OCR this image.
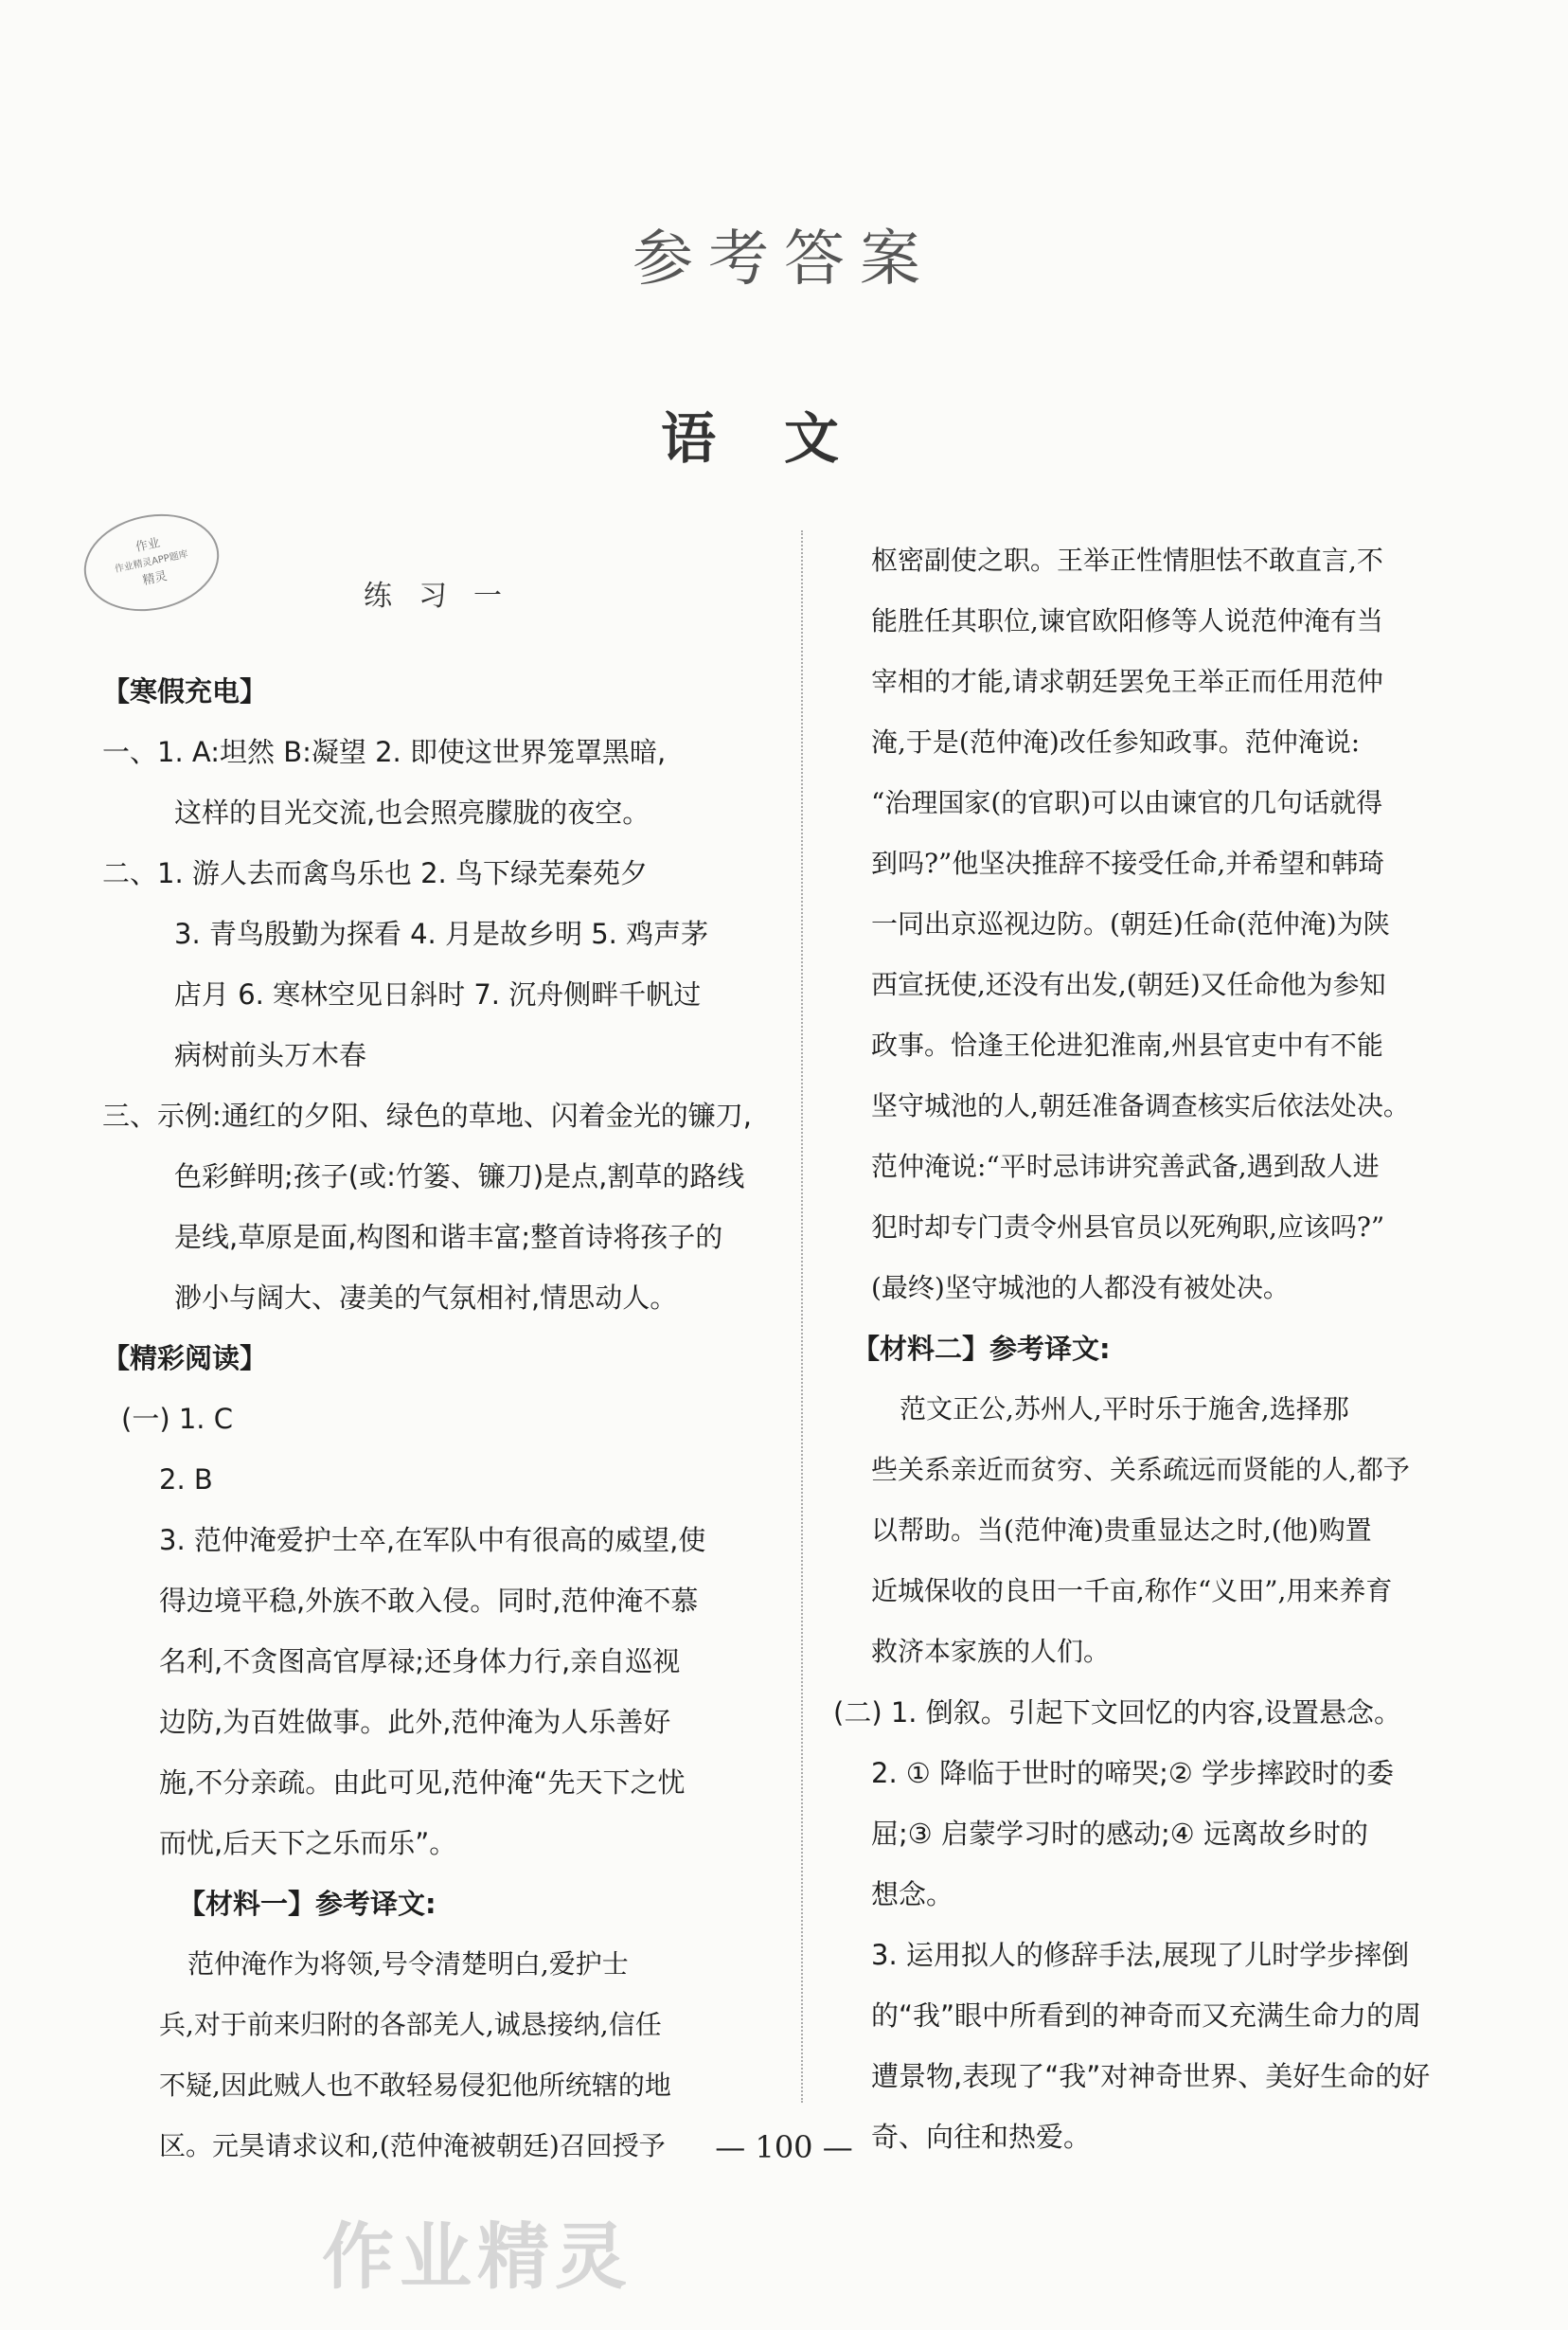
参考答案
语文
作业
作业精灵APP题库
精灵
练习一
【寒假充电】
一、1. A:坦然 B:凝望 2. 即使这世界笼罩黑暗,
这样的目光交流,也会照亮朦胧的夜空。
二、1. 游人去而禽鸟乐也 2. 鸟下绿芜秦苑夕
3. 青鸟殷勤为探看 4. 月是故乡明 5. 鸡声茅
店月 6. 寒林空见日斜时 7. 沉舟侧畔千帆过
病树前头万木春
三、示例:通红的夕阳、绿色的草地、闪着金光的镰刀,
色彩鲜明;孩子(或:竹篓、镰刀)是点,割草的路线
是线,草原是面,构图和谐丰富;整首诗将孩子的
渺小与阔大、凄美的气氛相衬,情思动人。
【精彩阅读】
(一) 1. C
2. B
3. 范仲淹爱护士卒,在军队中有很高的威望,使
得边境平稳,外族不敢入侵。同时,范仲淹不慕
名利,不贪图高官厚禄;还身体力行,亲自巡视
边防,为百姓做事。此外,范仲淹为人乐善好
施,不分亲疏。由此可见,范仲淹“先天下之忧
而忧,后天下之乐而乐”。
【材料一】参考译文:
范仲淹作为将领,号令清楚明白,爱护士
兵,对于前来归附的各部羌人,诚恳接纳,信任
不疑,因此贼人也不敢轻易侵犯他所统辖的地
区。元昊请求议和,(范仲淹被朝廷)召回授予
枢密副使之职。王举正性情胆怯不敢直言,不
能胜任其职位,谏官欧阳修等人说范仲淹有当
宰相的才能,请求朝廷罢免王举正而任用范仲
淹,于是(范仲淹)改任参知政事。范仲淹说:
“治理国家(的官职)可以由谏官的几句话就得
到吗?”他坚决推辞不接受任命,并希望和韩琦
一同出京巡视边防。(朝廷)任命(范仲淹)为陕
西宣抚使,还没有出发,(朝廷)又任命他为参知
政事。恰逢王伦进犯淮南,州县官吏中有不能
坚守城池的人,朝廷准备调查核实后依法处决。
范仲淹说:“平时忌讳讲究善武备,遇到敌人进
犯时却专门责令州县官员以死殉职,应该吗?”
(最终)坚守城池的人都没有被处决。
【材料二】参考译文:
范文正公,苏州人,平时乐于施舍,选择那
些关系亲近而贫穷、关系疏远而贤能的人,都予
以帮助。当(范仲淹)贵重显达之时,(他)购置
近城保收的良田一千亩,称作“义田”,用来养育
救济本家族的人们。
(二) 1. 倒叙。引起下文回忆的内容,设置悬念。
2. ① 降临于世时的啼哭;② 学步摔跤时的委
屈;③ 启蒙学习时的感动;④ 远离故乡时的
想念。
3. 运用拟人的修辞手法,展现了儿时学步摔倒
的“我”眼中所看到的神奇而又充满生命力的周
遭景物,表现了“我”对神奇世界、美好生命的好
奇、向往和热爱。
— 100 —
作业精灵
